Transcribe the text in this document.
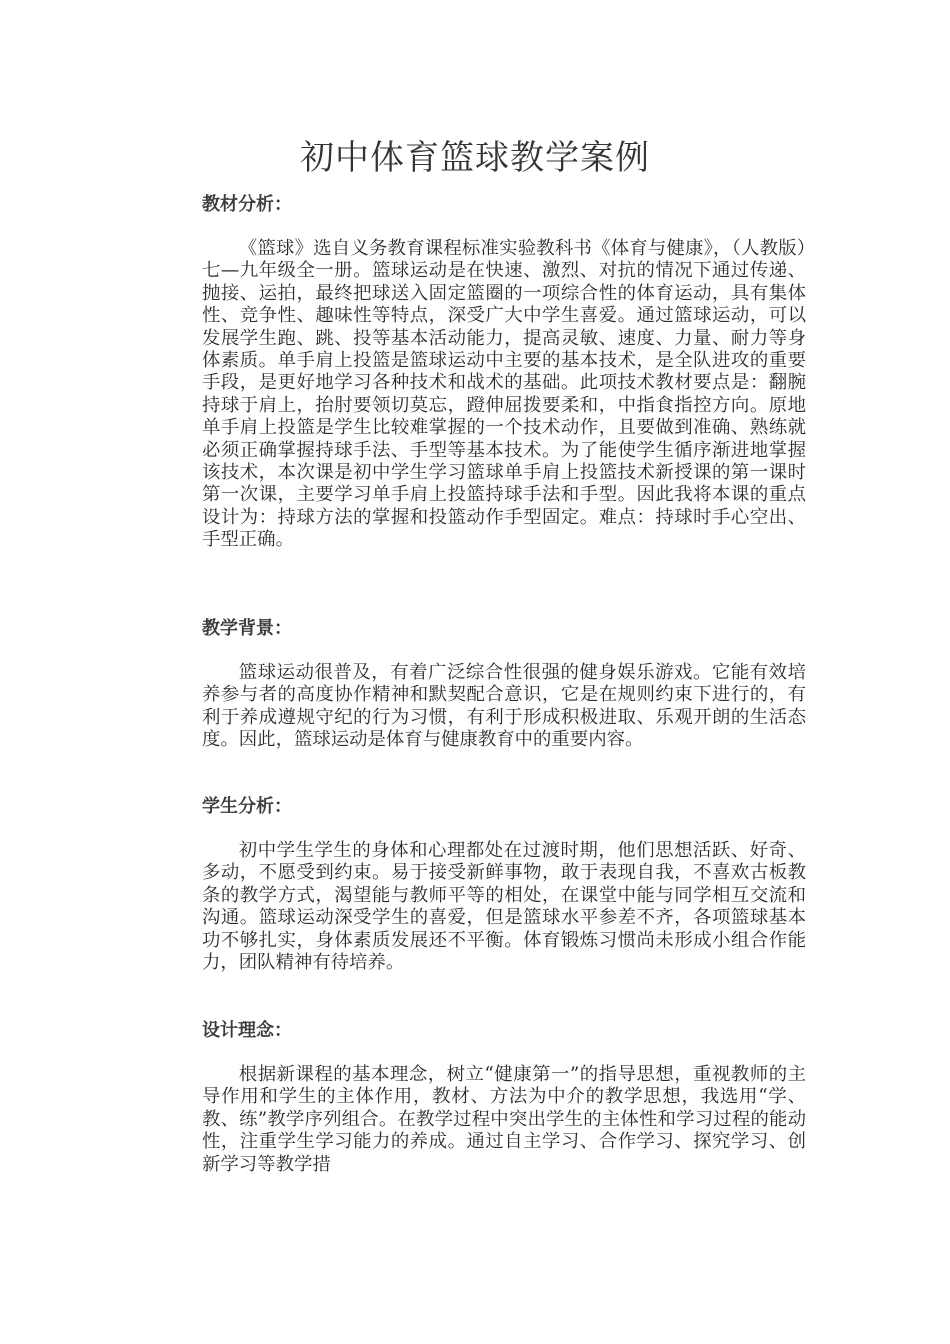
初中体育篮球教学案例
教材分析：

《篮球》选自义务教育课程标准实验教科书《体育与健康》，（人教版）七—九年级全一册。篮球运动是在快速、激烈、对抗的情况下通过传递、抛接、运拍，最终把球送入固定篮圈的一项综合性的体育运动，具有集体性、竞争性、趣味性等特点，深受广大中学生喜爱。通过篮球运动，可以发展学生跑、跳、投等基本活动能力，提高灵敏、速度、力量、耐力等身体素质。单手肩上投篮是篮球运动中主要的基本技术，是全队进攻的重要手段，是更好地学习各种技术和战术的基础。此项技术教材要点是：翻腕持球于肩上，抬肘要领切莫忘，蹬伸屈拨要柔和，中指食指控方向。原地单手肩上投篮是学生比较难掌握的一个技术动作，且要做到准确、熟练就必须正确掌握持球手法、手型等基本技术。为了能使学生循序渐进地掌握该技术，本次课是初中学生学习篮球单手肩上投篮技术新授课的第一课时第一次课，主要学习单手肩上投篮持球手法和手型。因此我将本课的重点设计为：持球方法的掌握和投篮动作手型固定。难点：持球时手心空出、手型正确。

教学背景：

篮球运动很普及，有着广泛综合性很强的健身娱乐游戏。它能有效培养参与者的高度协作精神和默契配合意识，它是在规则约束下进行的，有利于养成遵规守纪的行为习惯，有利于形成积极进取、乐观开朗的生活态度。因此，篮球运动是体育与健康教育中的重要内容。

学生分析：

初中学生学生的身体和心理都处在过渡时期，他们思想活跃、好奇、多动，不愿受到约束。易于接受新鲜事物，敢于表现自我，不喜欢古板教条的教学方式，渴望能与教师平等的相处，在课堂中能与同学相互交流和沟通。篮球运动深受学生的喜爱，但是篮球水平参差不齐，各项篮球基本功不够扎实，身体素质发展还不平衡。体育锻炼习惯尚未形成小组合作能力，团队精神有待培养。

设计理念：

根据新课程的基本理念，树立“健康第一”的指导思想，重视教师的主导作用和学生的主体作用，教材、方法为中介的教学思想，我选用“学、教、练”教学序列组合。在教学过程中突出学生的主体性和学习过程的能动性，注重学生学习能力的养成。通过自主学习、合作学习、探究学习、创新学习等教学措
